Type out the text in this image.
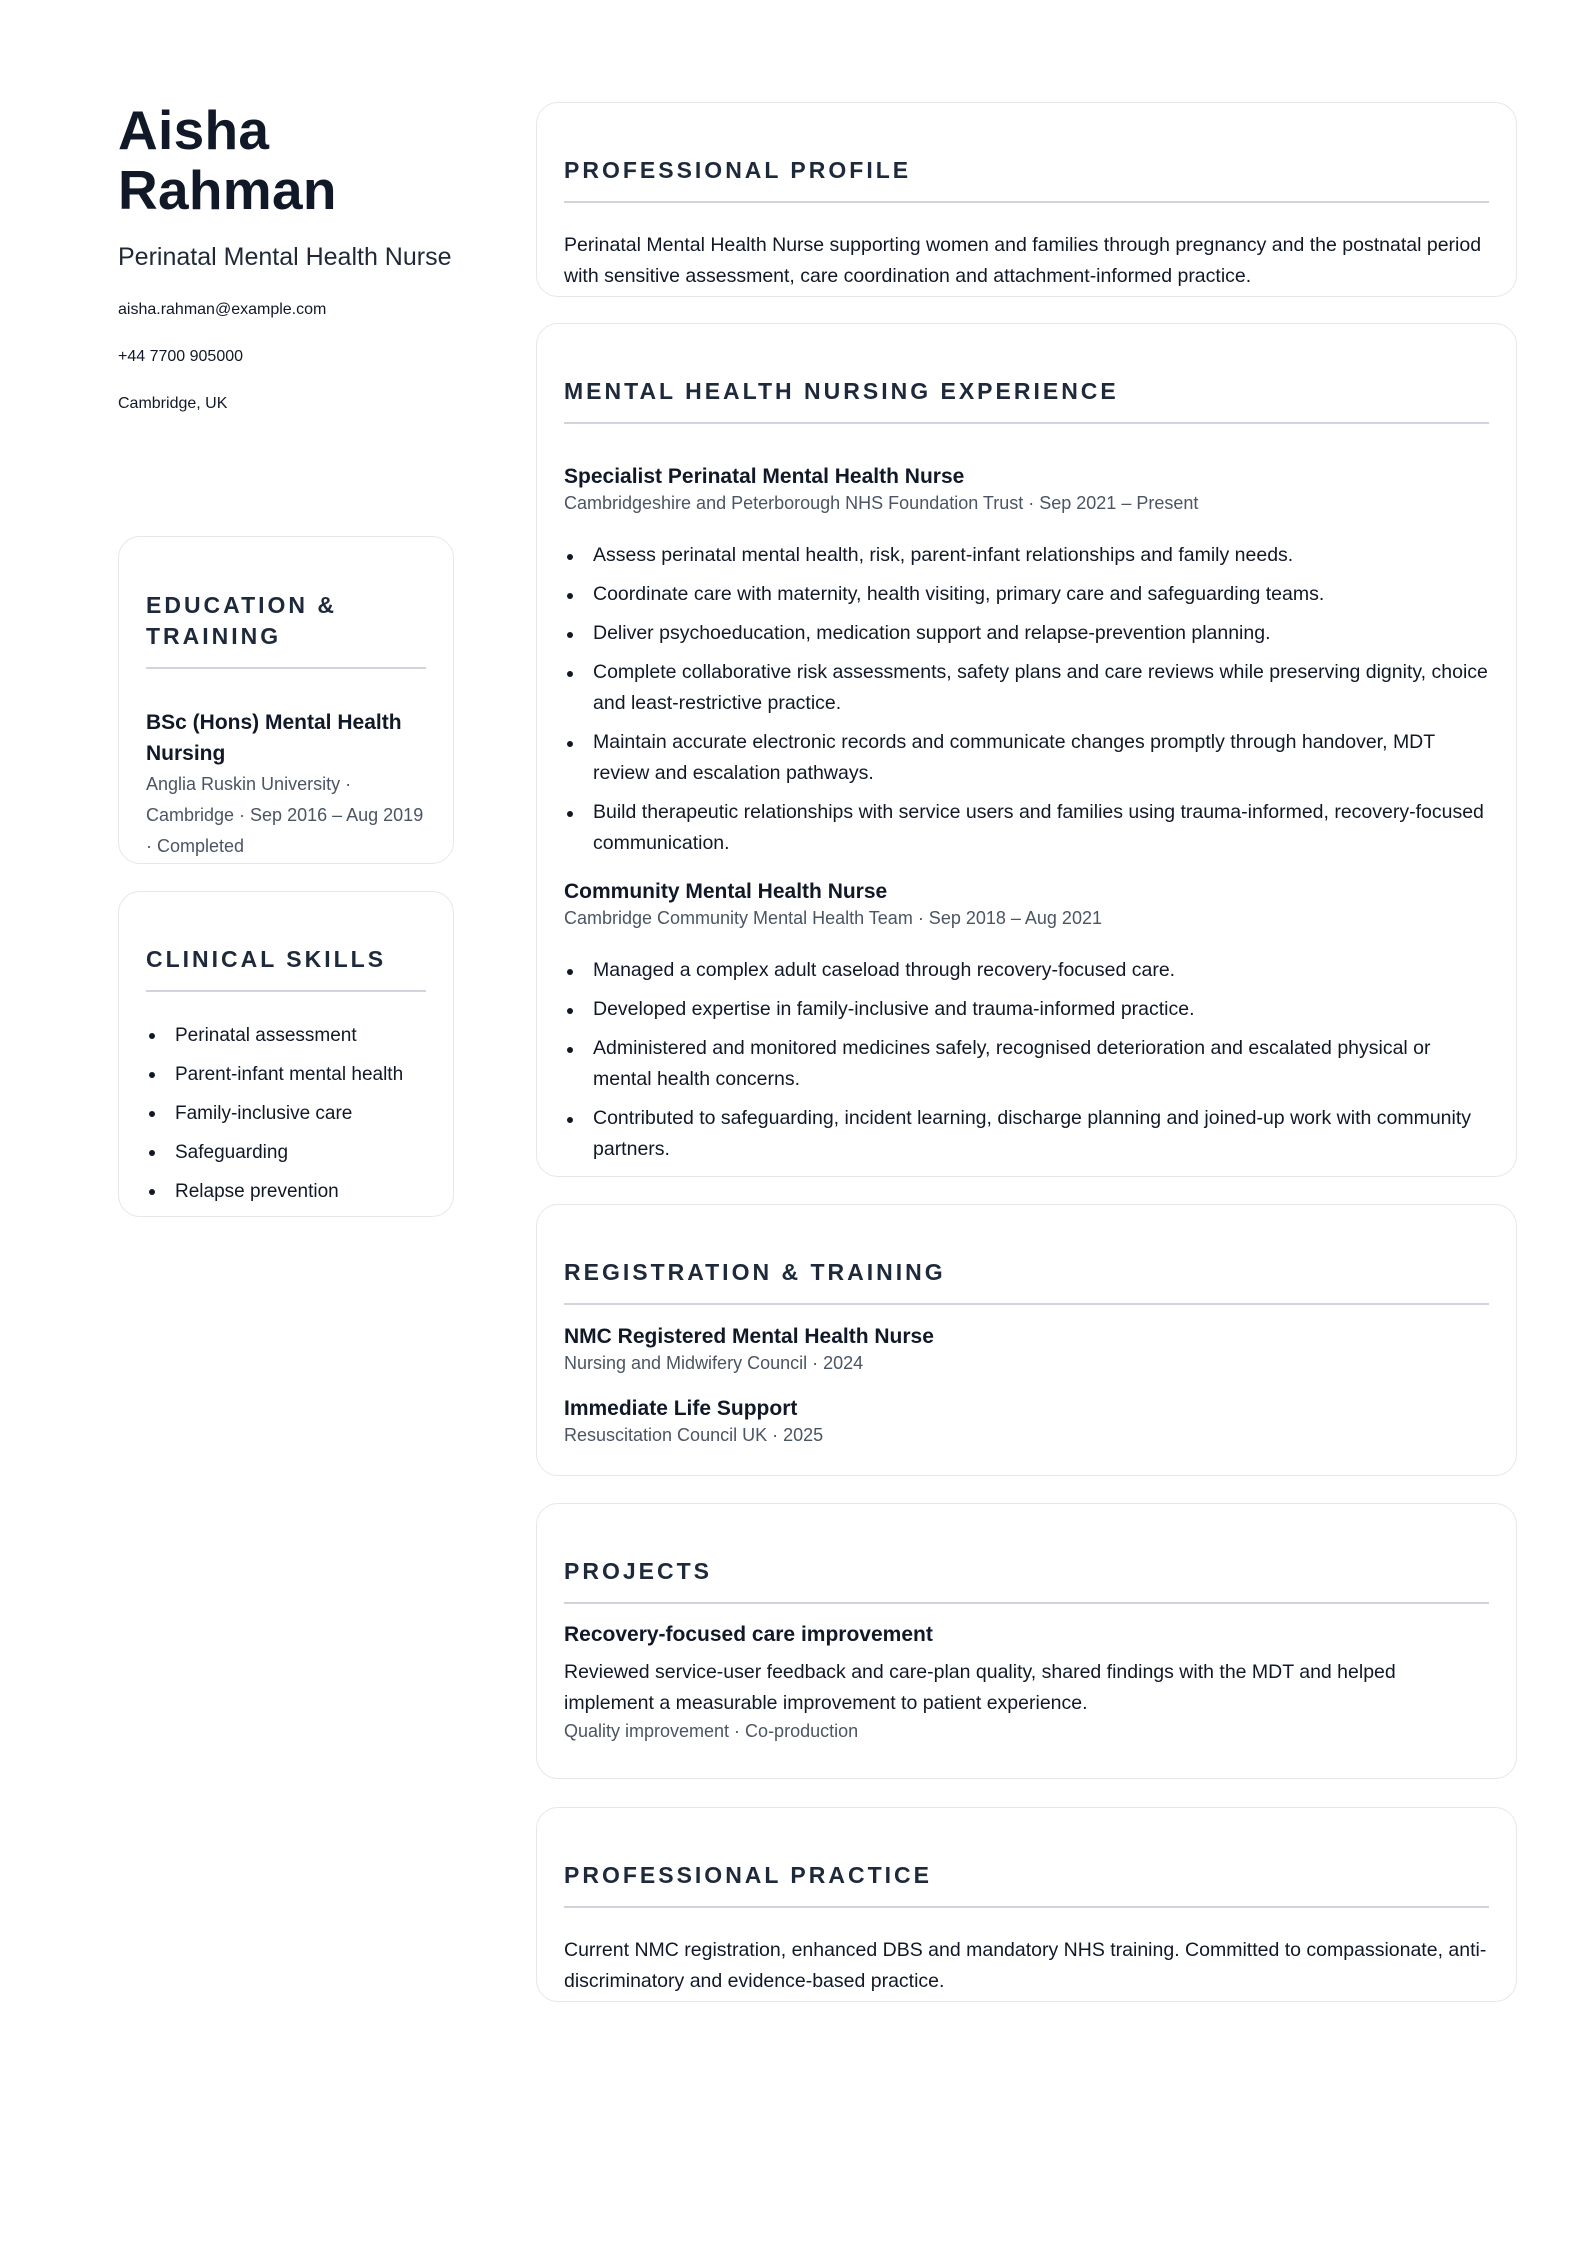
Aisha
Rahman
Perinatal Mental Health Nurse
aisha.rahman@example.com
+44 7700 905000
Cambridge, UK
EDUCATION & TRAINING
BSc (Hons) Mental Health Nursing
Anglia Ruskin University · Cambridge · Sep 2016 – Aug 2019 · Completed
CLINICAL SKILLS
Perinatal assessment
Parent-infant mental health
Family-inclusive care
Safeguarding
Relapse prevention
PROFESSIONAL PROFILE
Perinatal Mental Health Nurse supporting women and families through pregnancy and the postnatal period with sensitive assessment, care coordination and attachment-informed practice.
MENTAL HEALTH NURSING EXPERIENCE
Specialist Perinatal Mental Health Nurse
Cambridgeshire and Peterborough NHS Foundation Trust · Sep 2021 – Present
Assess perinatal mental health, risk, parent-infant relationships and family needs.
Coordinate care with maternity, health visiting, primary care and safeguarding teams.
Deliver psychoeducation, medication support and relapse-prevention planning.
Complete collaborative risk assessments, safety plans and care reviews while preserving dignity, choice and least-restrictive practice.
Maintain accurate electronic records and communicate changes promptly through handover, MDT review and escalation pathways.
Build therapeutic relationships with service users and families using trauma-informed, recovery-focused communication.
Community Mental Health Nurse
Cambridge Community Mental Health Team · Sep 2018 – Aug 2021
Managed a complex adult caseload through recovery-focused care.
Developed expertise in family-inclusive and trauma-informed practice.
Administered and monitored medicines safely, recognised deterioration and escalated physical or mental health concerns.
Contributed to safeguarding, incident learning, discharge planning and joined-up work with community partners.
REGISTRATION & TRAINING
NMC Registered Mental Health Nurse
Nursing and Midwifery Council · 2024
Immediate Life Support
Resuscitation Council UK · 2025
PROJECTS
Recovery-focused care improvement
Reviewed service-user feedback and care-plan quality, shared findings with the MDT and helped implement a measurable improvement to patient experience.
Quality improvement · Co-production
PROFESSIONAL PRACTICE
Current NMC registration, enhanced DBS and mandatory NHS training. Committed to compassionate, anti-discriminatory and evidence-based practice.
